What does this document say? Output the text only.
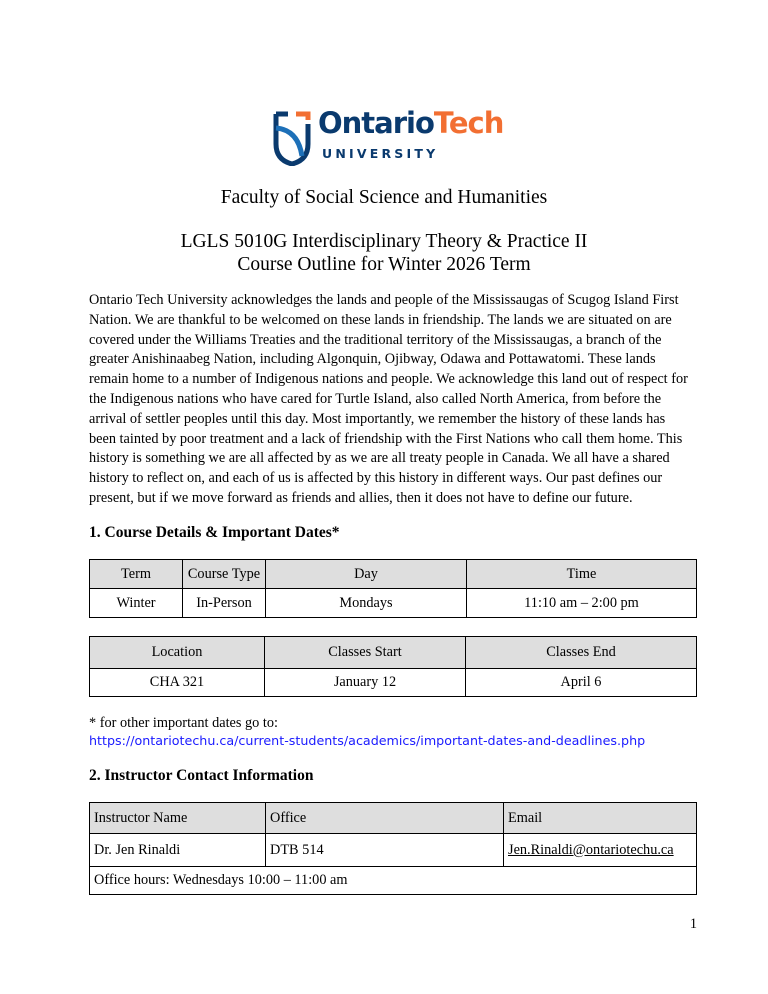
OntarioTech
UNIVERSITY
Faculty of Social Science and Humanities
LGLS 5010G Interdisciplinary Theory & Practice II
Course Outline for Winter 2026 Term
Ontario Tech University acknowledges the lands and people of the Mississaugas of Scugog Island First Nation. We are thankful to be welcomed on these lands in friendship. The lands we are situated on are covered under the Williams Treaties and the traditional territory of the Mississaugas, a branch of the greater Anishinaabeg Nation, including Algonquin, Ojibway, Odawa and Pottawatomi. These lands remain home to a number of Indigenous nations and people. We acknowledge this land out of respect for the Indigenous nations who have cared for Turtle Island, also called North America, from before the arrival of settler peoples until this day. Most importantly, we remember the history of these lands has been tainted by poor treatment and a lack of friendship with the First Nations who call them home. This history is something we are all affected by as we are all treaty people in Canada. We all have a shared history to reflect on, and each of us is affected by this history in different ways. Our past defines our present, but if we move forward as friends and allies, then it does not have to define our future.
1. Course Details & Important Dates*
Term	Course Type	Day	Time
Winter	In-Person	Mondays	11:10 am – 2:00 pm
Location	Classes Start	Classes End
CHA 321	January 12	April 6
* for other important dates go to:
https://ontariotechu.ca/current-students/academics/important-dates-and-deadlines.php
2. Instructor Contact Information
Instructor Name	Office	Email
Dr. Jen Rinaldi	DTB 514	Jen.Rinaldi@ontariotechu.ca
Office hours: Wednesdays 10:00 – 11:00 am		
1
